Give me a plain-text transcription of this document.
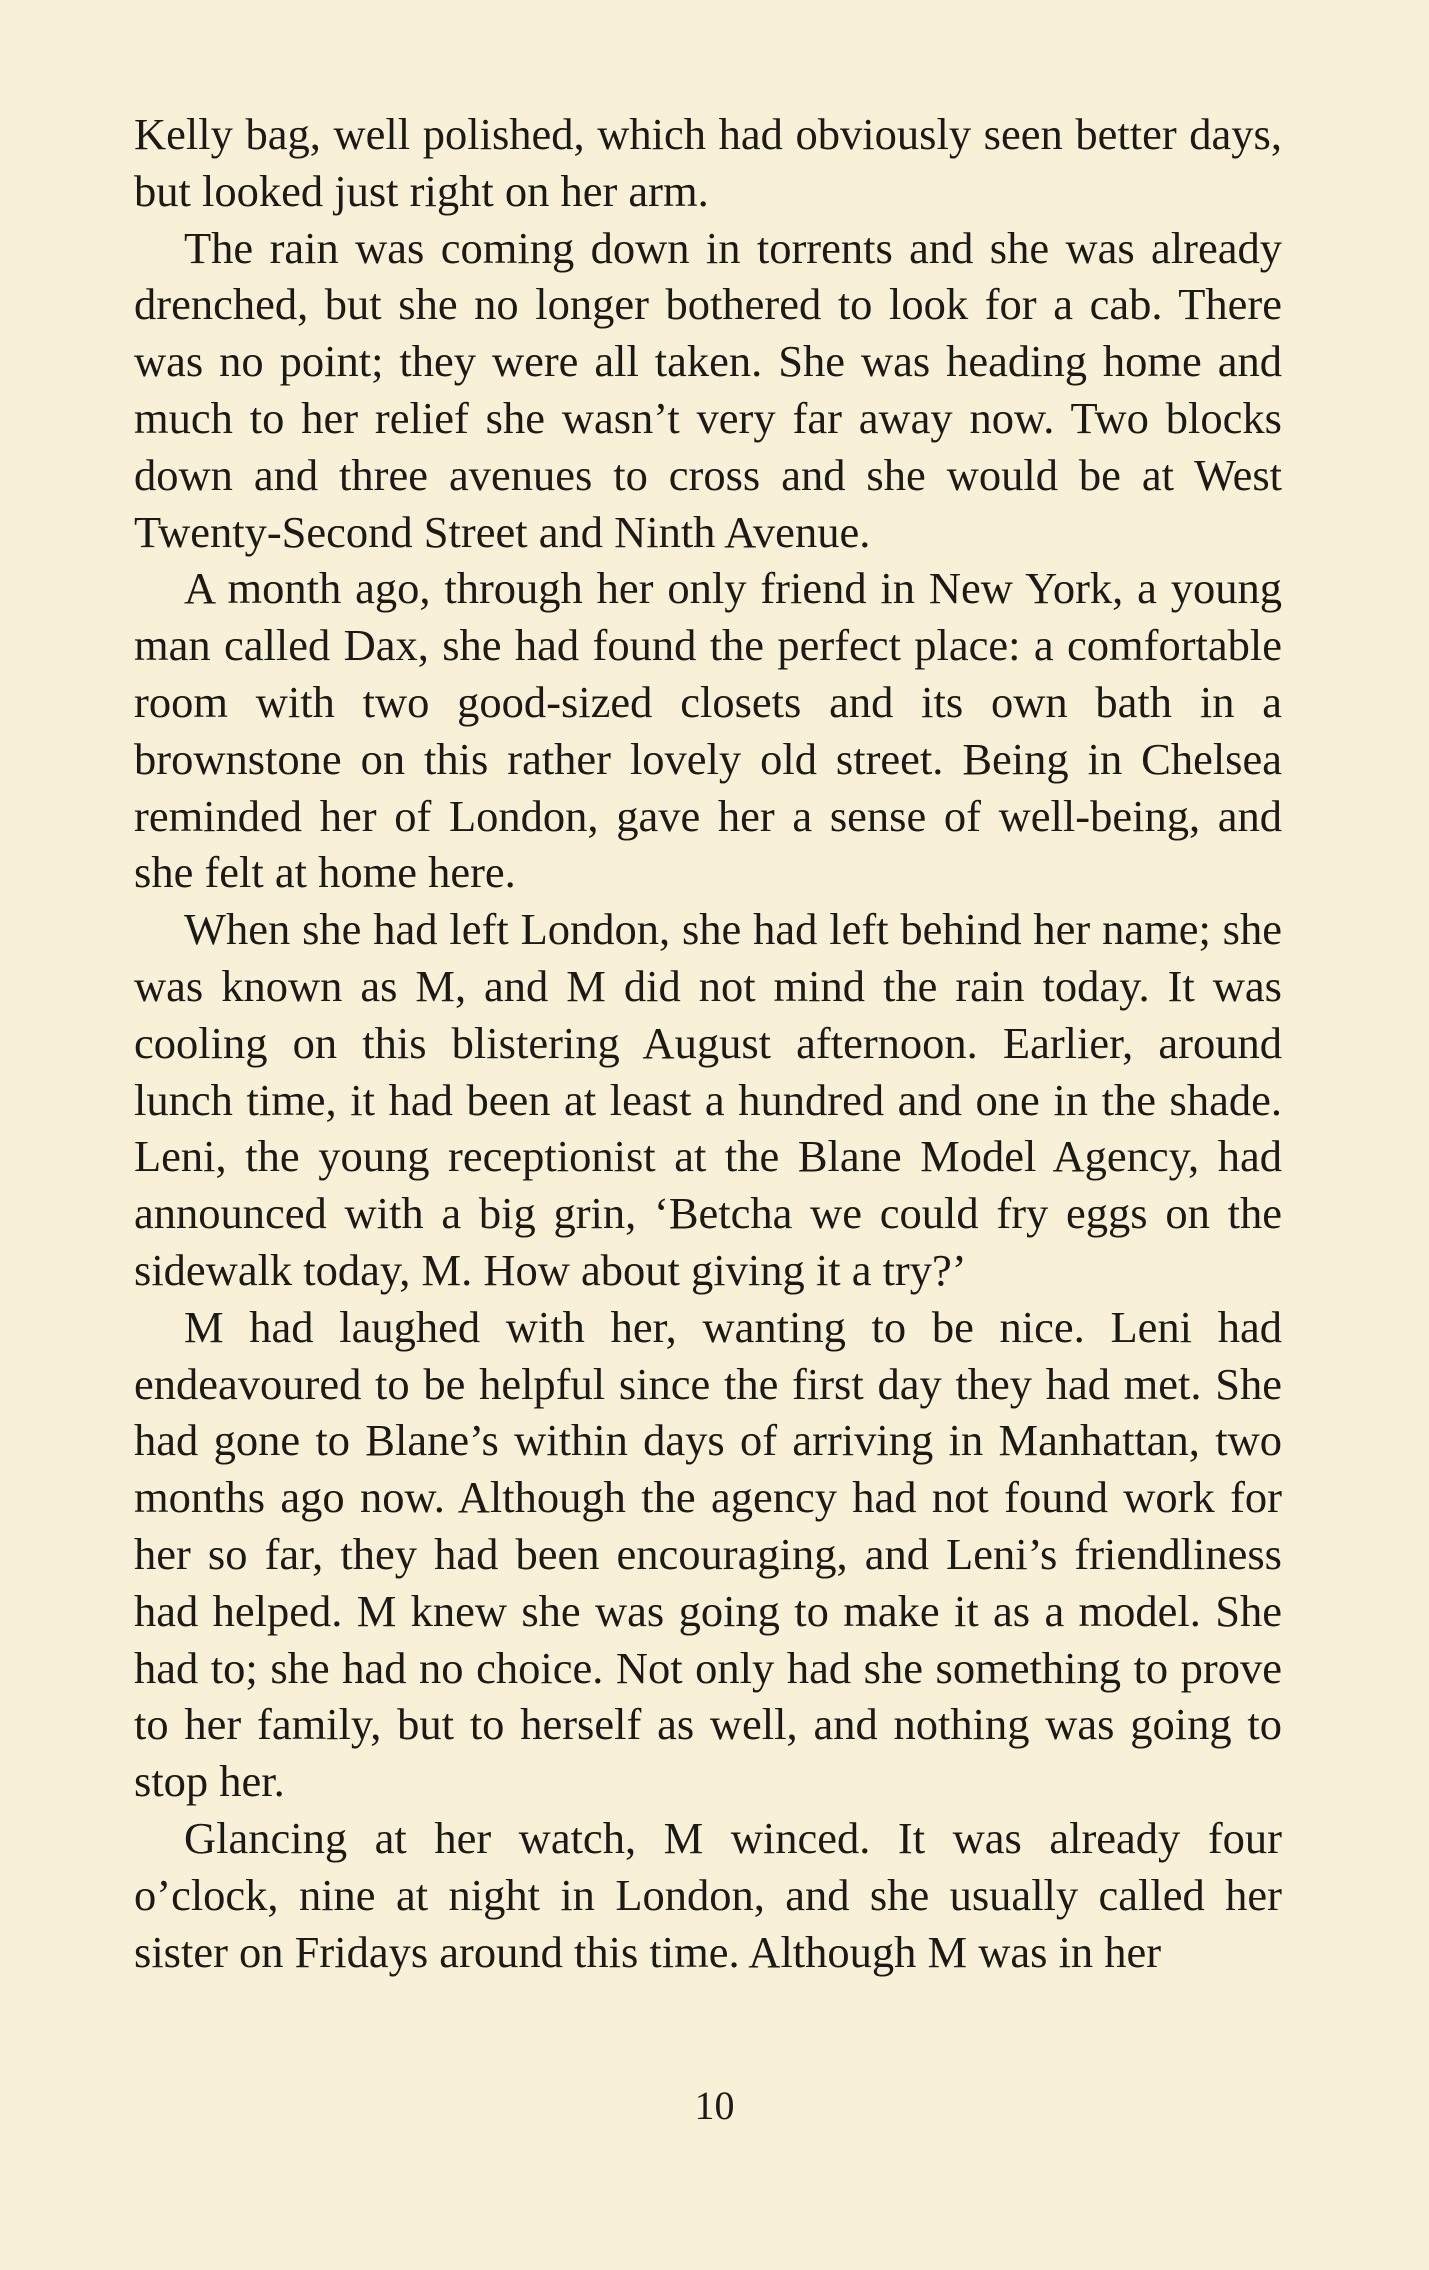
Kelly bag, well polished, which had obviously seen better days, but looked just right on her arm.

The rain was coming down in torrents and she was already drenched, but she no longer bothered to look for a cab. There was no point; they were all taken. She was heading home and much to her relief she wasn’t very far away now. Two blocks down and three avenues to cross and she would be at West Twenty-Second Street and Ninth Avenue.

A month ago, through her only friend in New York, a young man called Dax, she had found the perfect place: a comfortable room with two good-sized closets and its own bath in a brownstone on this rather lovely old street. Being in Chelsea reminded her of London, gave her a sense of well-being, and she felt at home here.

When she had left London, she had left behind her name; she was known as M, and M did not mind the rain today. It was cooling on this blistering August afternoon. Earlier, around lunch time, it had been at least a hundred and one in the shade. Leni, the young receptionist at the Blane Model Agency, had announced with a big grin, ‘Betcha we could fry eggs on the sidewalk today, M. How about giving it a try?’

M had laughed with her, wanting to be nice. Leni had endeavoured to be helpful since the first day they had met. She had gone to Blane’s within days of arriving in Manhattan, two months ago now. Although the agency had not found work for her so far, they had been encouraging, and Leni’s friendliness had helped. M knew she was going to make it as a model. She had to; she had no choice. Not only had she something to prove to her family, but to herself as well, and nothing was going to stop her.

Glancing at her watch, M winced. It was already four o’clock, nine at night in London, and she usually called her sister on Fridays around this time. Although M was in her

10
